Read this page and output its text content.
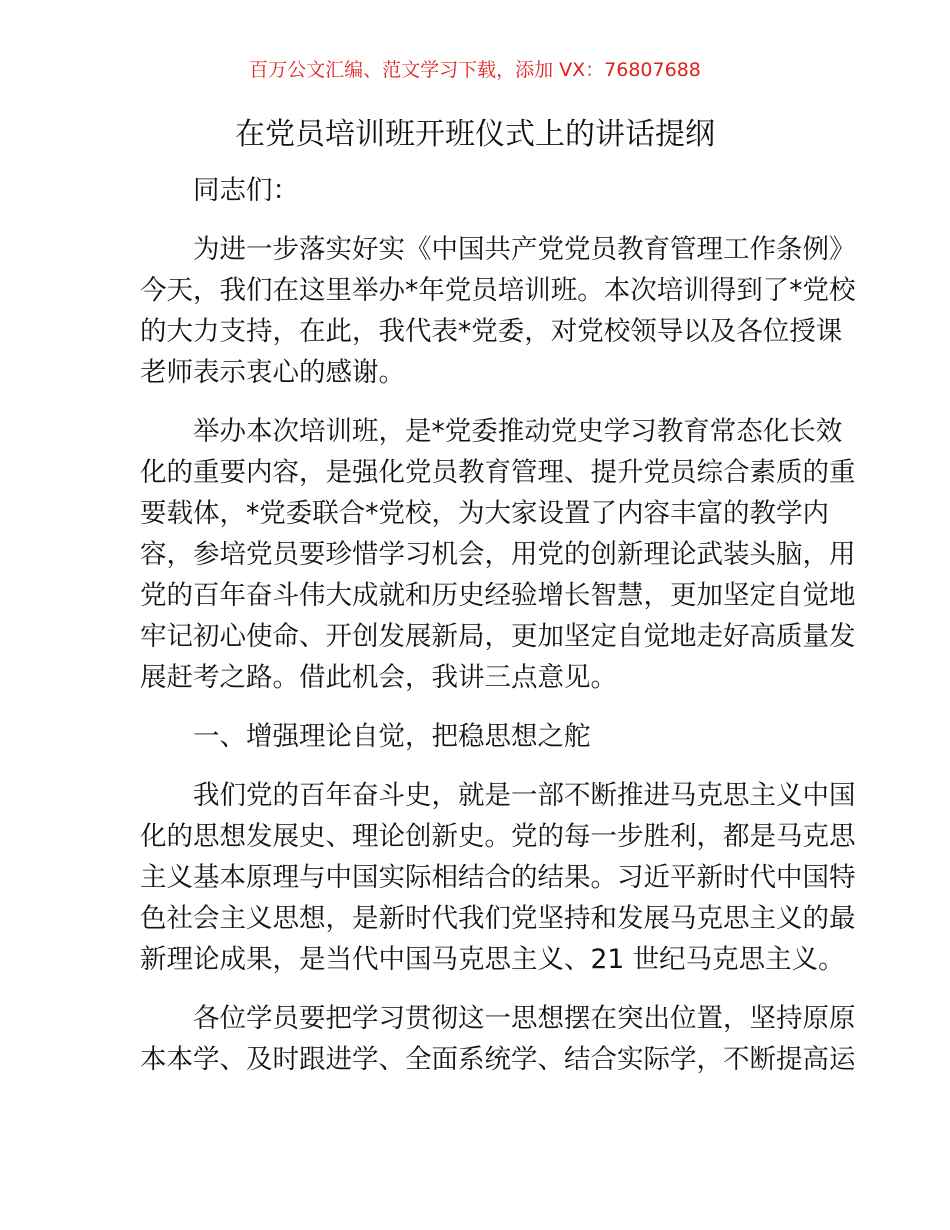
百万公文汇编、范文学习下载，添加 VX：76807688
在党员培训班开班仪式上的讲话提纲
同志们：
为进一步落实好实《中国共产党党员教育管理工作条例》
今天，我们在这里举办*年党员培训班。本次培训得到了*党校
的大力支持，在此，我代表*党委，对党校领导以及各位授课
老师表示衷心的感谢。
举办本次培训班，是*党委推动党史学习教育常态化长效
化的重要内容，是强化党员教育管理、提升党员综合素质的重
要载体，*党委联合*党校，为大家设置了内容丰富的教学内
容，参培党员要珍惜学习机会，用党的创新理论武装头脑，用
党的百年奋斗伟大成就和历史经验增长智慧，更加坚定自觉地
牢记初心使命、开创发展新局，更加坚定自觉地走好高质量发
展赶考之路。借此机会，我讲三点意见。
一、增强理论自觉，把稳思想之舵
我们党的百年奋斗史，就是一部不断推进马克思主义中国
化的思想发展史、理论创新史。党的每一步胜利，都是马克思
主义基本原理与中国实际相结合的结果。习近平新时代中国特
色社会主义思想，是新时代我们党坚持和发展马克思主义的最
新理论成果，是当代中国马克思主义、21 世纪马克思主义。
各位学员要把学习贯彻这一思想摆在突出位置，坚持原原
本本学、及时跟进学、全面系统学、结合实际学，不断提高运
